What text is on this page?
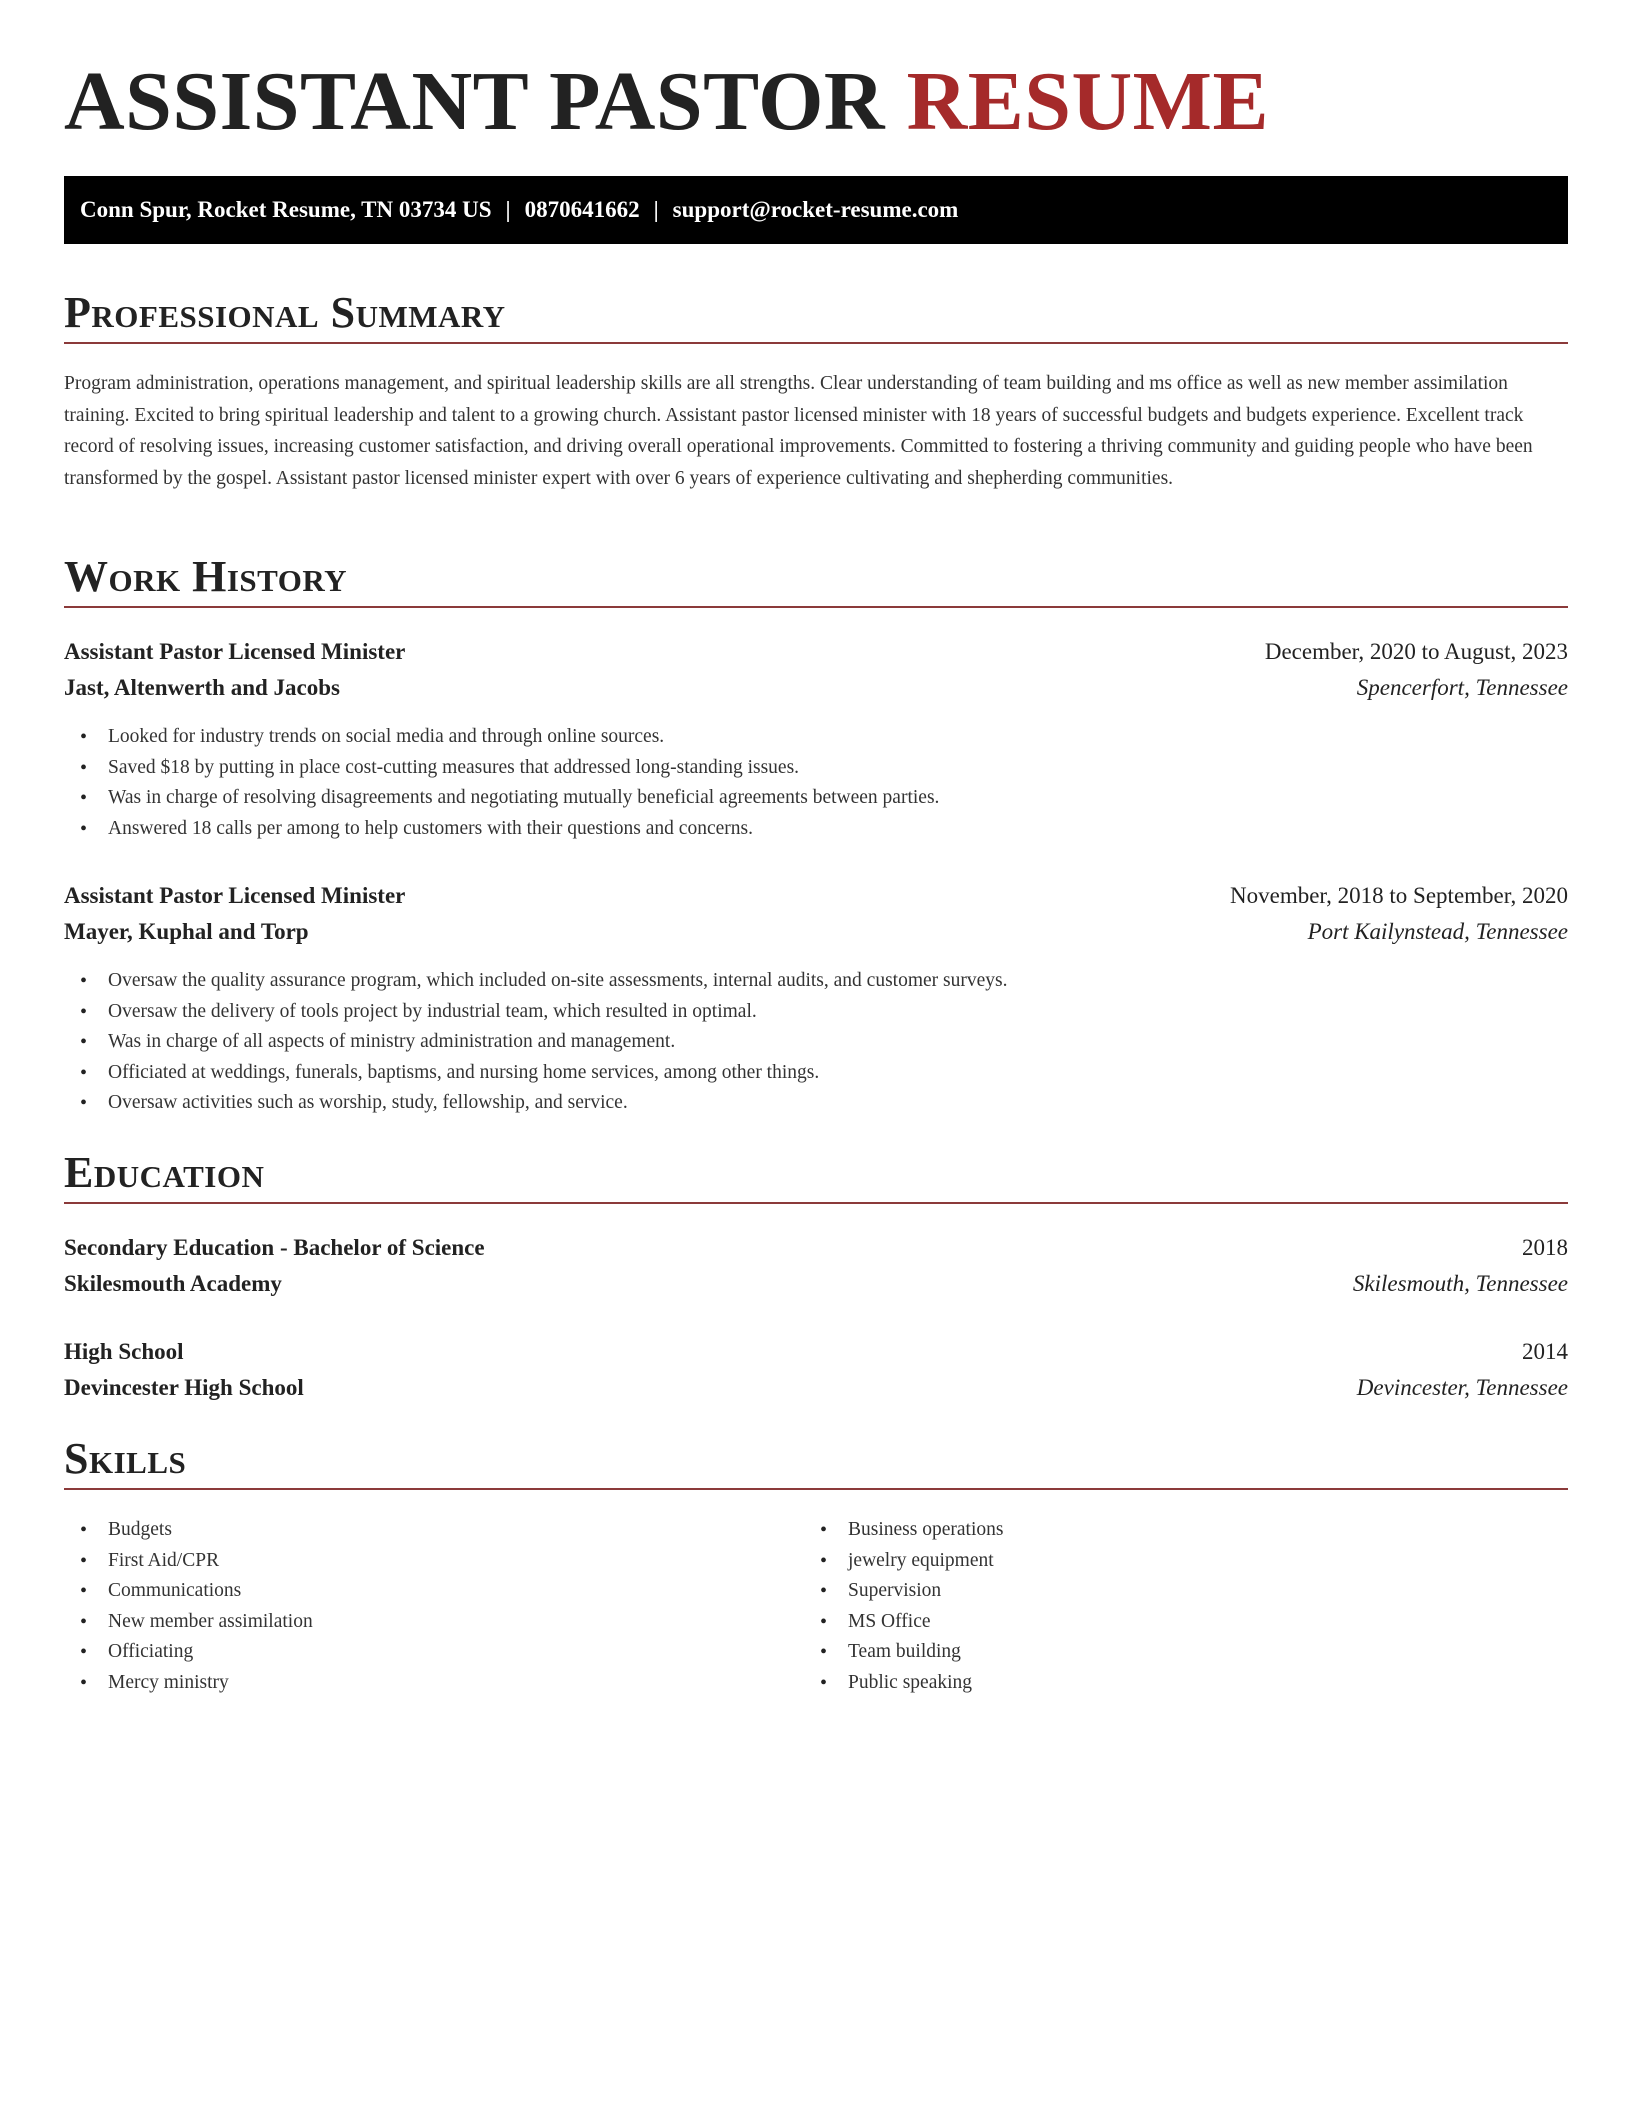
ASSISTANT PASTOR RESUME
Conn Spur, Rocket Resume, TN 03734 US | 0870641662 | support@rocket-resume.com
Professional Summary

Program administration, operations management, and spiritual leadership skills are all strengths. Clear understanding of team building and ms office as well as new member assimilation training. Excited to bring spiritual leadership and talent to a growing church. Assistant pastor licensed minister with 18 years of successful budgets and budgets experience. Excellent track record of resolving issues, increasing customer satisfaction, and driving overall operational improvements. Committed to fostering a thriving community and guiding people who have been transformed by the gospel. Assistant pastor licensed minister expert with over 6 years of experience cultivating and shepherding communities.

Work History
Assistant Pastor Licensed Minister	December, 2020 to August, 2023
Jast, Altenwerth and Jacobs	Spencerfort, Tennessee
• Looked for industry trends on social media and through online sources.
• Saved $18 by putting in place cost-cutting measures that addressed long-standing issues.
• Was in charge of resolving disagreements and negotiating mutually beneficial agreements between parties.
• Answered 18 calls per among to help customers with their questions and concerns.
Assistant Pastor Licensed Minister	November, 2018 to September, 2020
Mayer, Kuphal and Torp	Port Kailynstead, Tennessee
• Oversaw the quality assurance program, which included on-site assessments, internal audits, and customer surveys.
• Oversaw the delivery of tools project by industrial team, which resulted in optimal.
• Was in charge of all aspects of ministry administration and management.
• Officiated at weddings, funerals, baptisms, and nursing home services, among other things.
• Oversaw activities such as worship, study, fellowship, and service.
Education
Secondary Education - Bachelor of Science	2018
Skilesmouth Academy	Skilesmouth, Tennessee
High School	2014
Devincester High School	Devincester, Tennessee
Skills
• Budgets
• First Aid/CPR
• Communications
• New member assimilation
• Officiating
• Mercy ministry
• Business operations
• jewelry equipment
• Supervision
• MS Office
• Team building
• Public speaking
